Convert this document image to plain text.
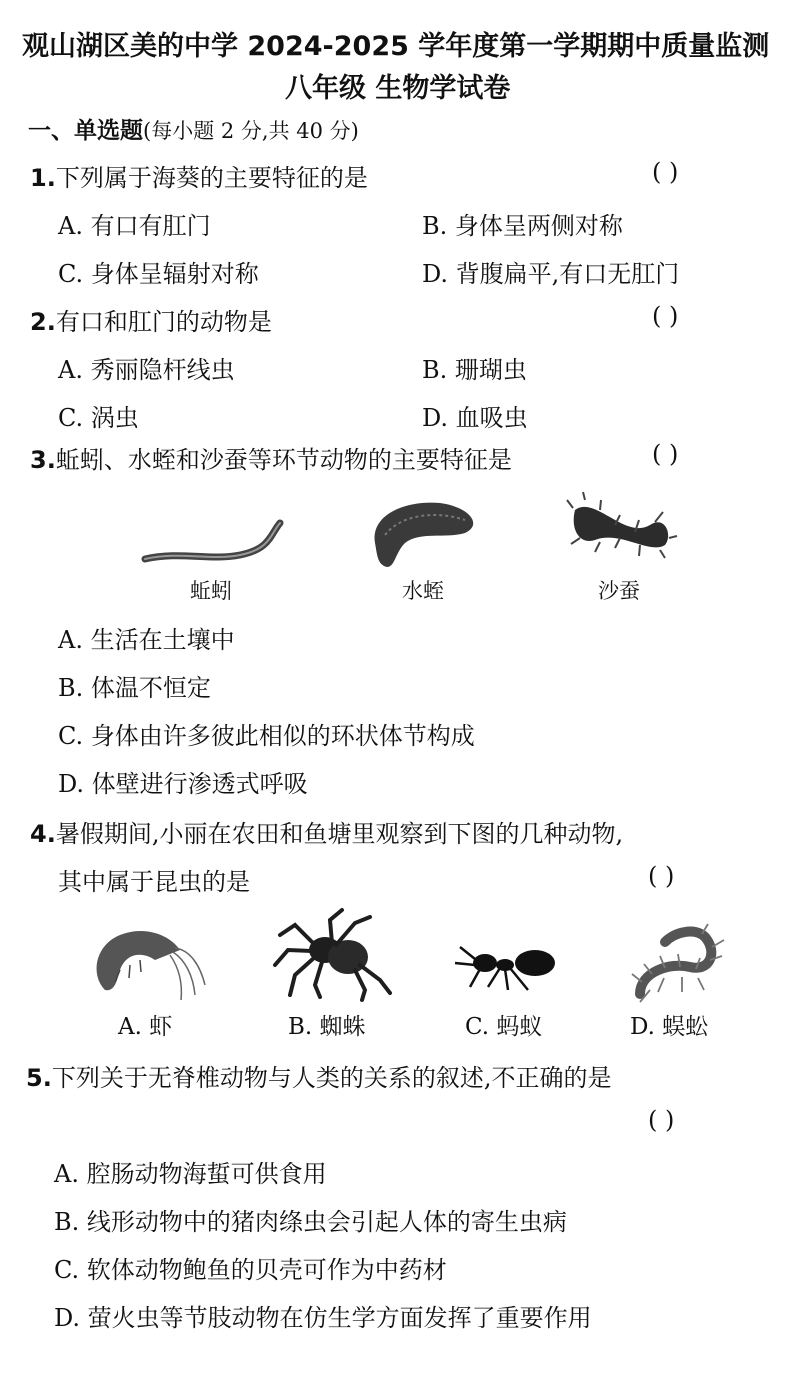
观山湖区美的中学 2024-2025 学年度第一学期期中质量监测
八年级 生物学试卷
一、单选题(每小题 2 分,共 40 分)
1.下列属于海葵的主要特征的是	( )
A. 有口有肛门	B. 身体呈两侧对称
C. 身体呈辐射对称	D. 背腹扁平,有口无肛门
2.有口和肛门的动物是	( )
A. 秀丽隐杆线虫	B. 珊瑚虫
C. 涡虫	D. 血吸虫
3.蚯蚓、水蛭和沙蚕等环节动物的主要特征是	( )
蚯蚓	水蛭	沙蚕
A. 生活在土壤中
B. 体温不恒定
C. 身体由许多彼此相似的环状体节构成
D. 体壁进行渗透式呼吸
4.暑假期间,小丽在农田和鱼塘里观察到下图的几种动物,
其中属于昆虫的是	( )
A. 虾	B. 蜘蛛	C. 蚂蚁	D. 蜈蚣
5.下列关于无脊椎动物与人类的关系的叙述,不正确的是
( )
A. 腔肠动物海蜇可供食用
B. 线形动物中的猪肉绦虫会引起人体的寄生虫病
C. 软体动物鲍鱼的贝壳可作为中药材
D. 萤火虫等节肢动物在仿生学方面发挥了重要作用
